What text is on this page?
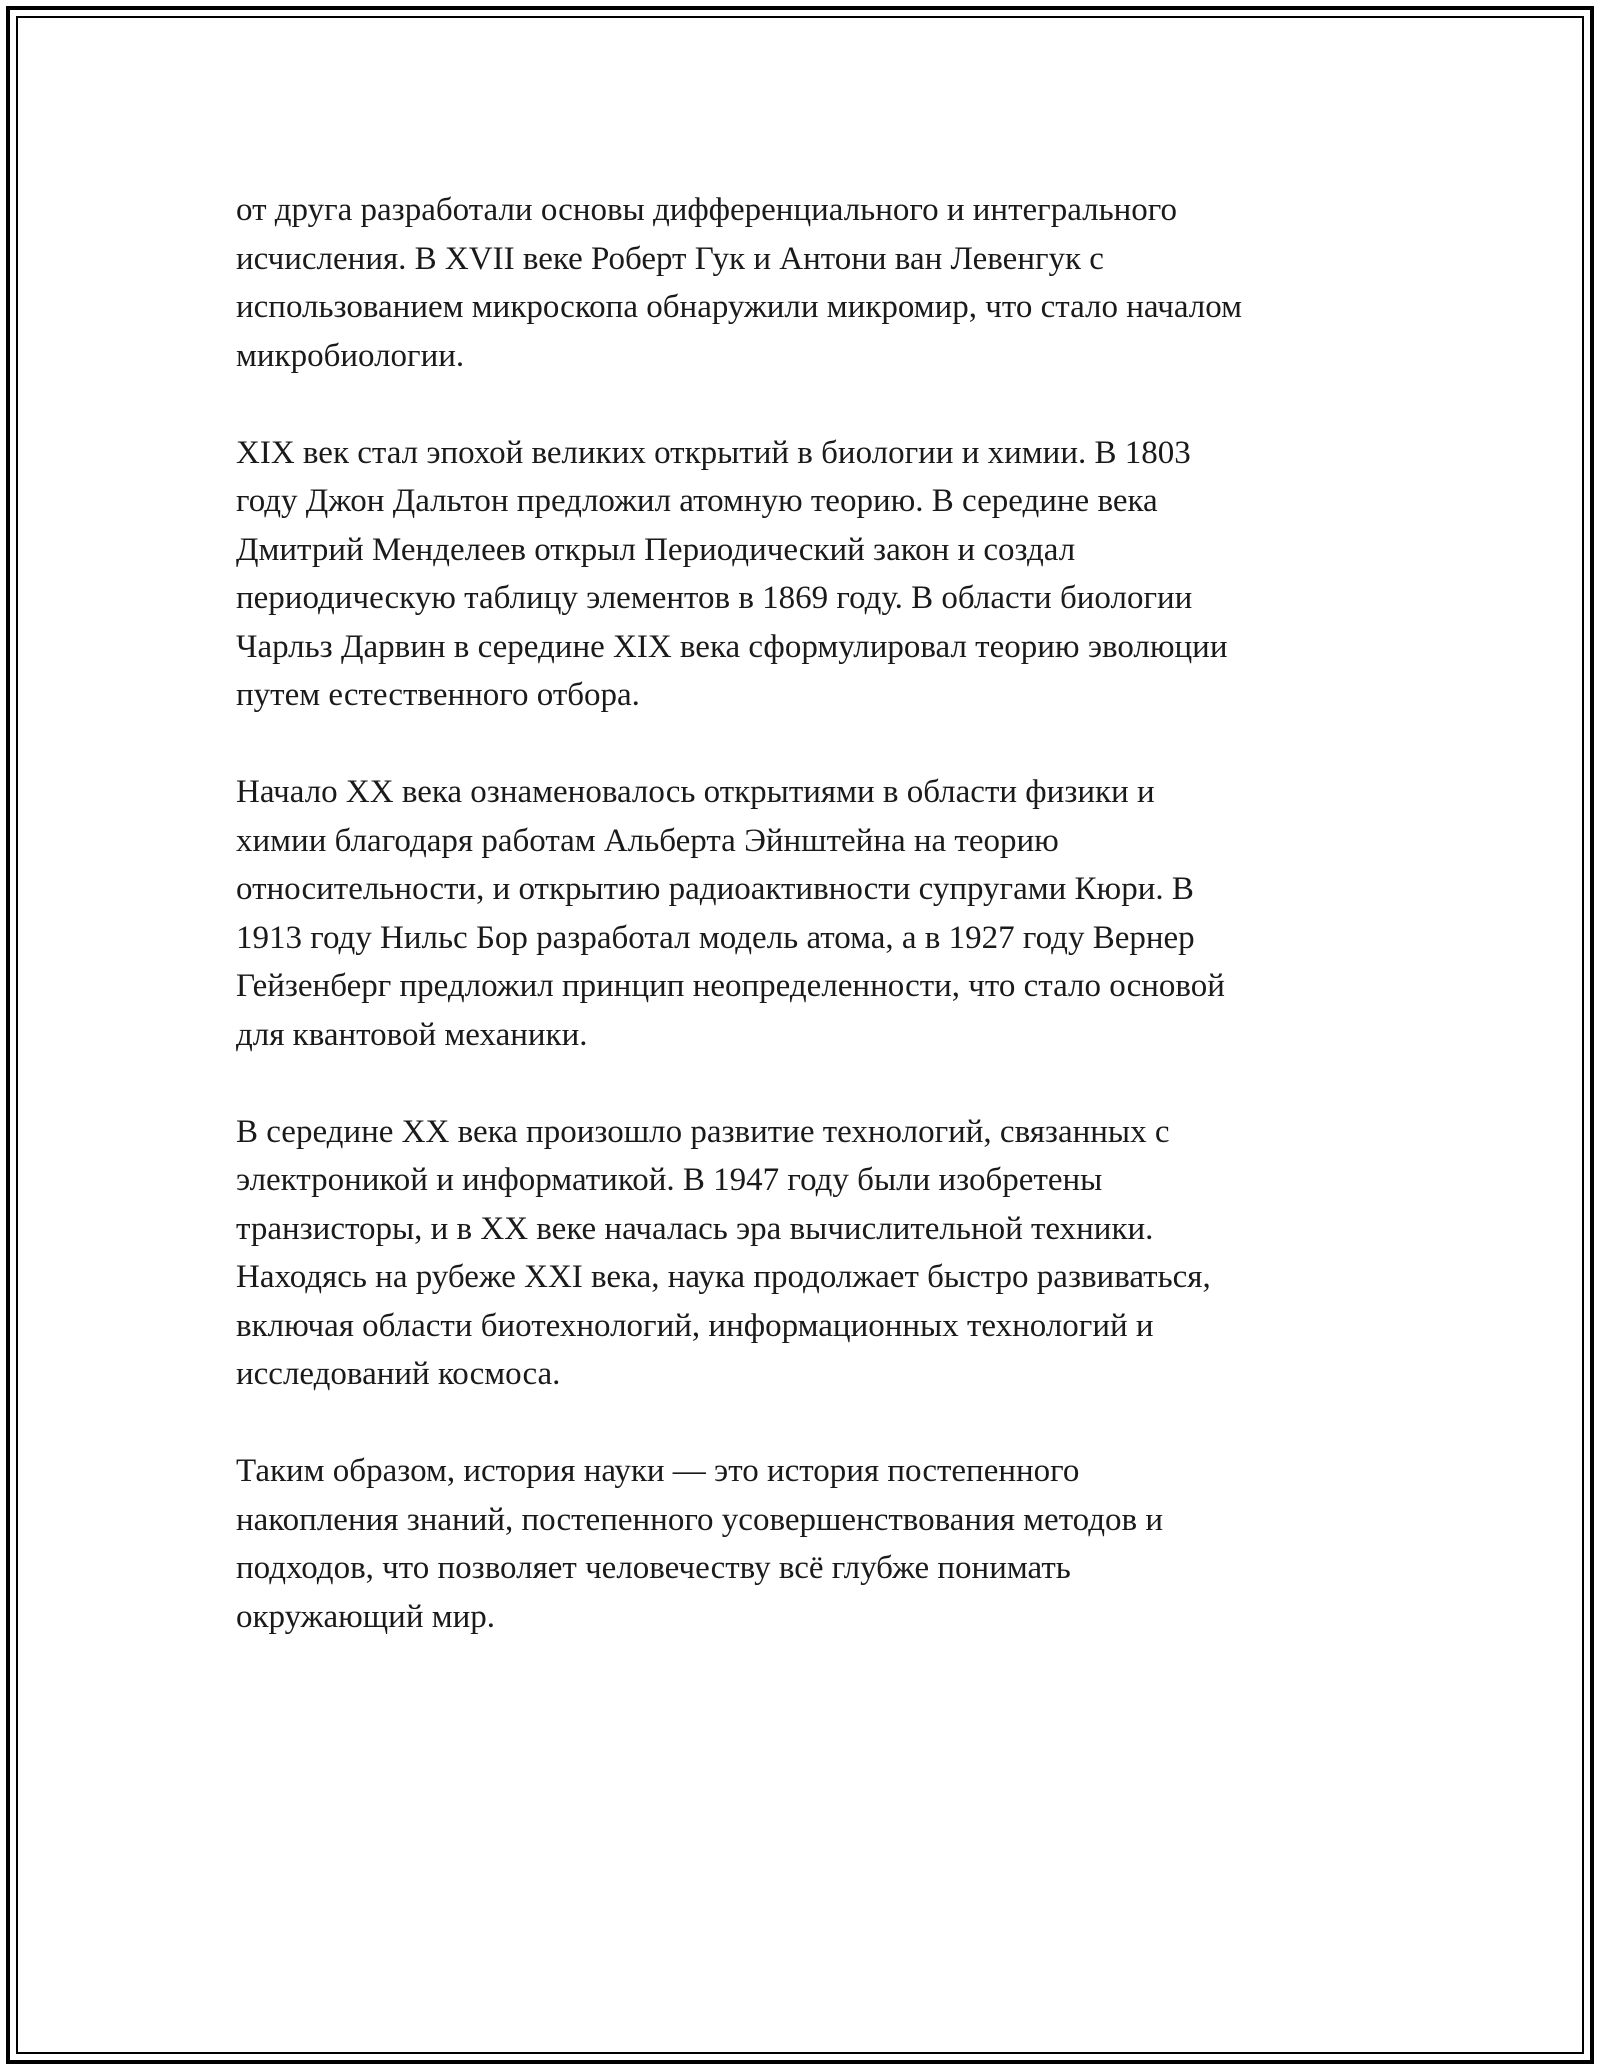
от друга разработали основы дифференциального и интегрального
исчисления. В XVII веке Роберт Гук и Антони ван Левенгук с
использованием микроскопа обнаружили микромир, что стало началом
микробиологии.

XIX век стал эпохой великих открытий в биологии и химии. В 1803
году Джон Дальтон предложил атомную теорию. В середине века
Дмитрий Менделеев открыл Периодический закон и создал
периодическую таблицу элементов в 1869 году. В области биологии
Чарльз Дарвин в середине XIX века сформулировал теорию эволюции
путем естественного отбора.

Начало XX века ознаменовалось открытиями в области физики и
химии благодаря работам Альберта Эйнштейна на теорию
относительности, и открытию радиоактивности супругами Кюри. В
1913 году Нильс Бор разработал модель атома, а в 1927 году Вернер
Гейзенберг предложил принцип неопределенности, что стало основой
для квантовой механики.

В середине XX века произошло развитие технологий, связанных с
электроникой и информатикой. В 1947 году были изобретены
транзисторы, и в XX веке началась эра вычислительной техники.
Находясь на рубеже XXI века, наука продолжает быстро развиваться,
включая области биотехнологий, информационных технологий и
исследований космоса.

Таким образом, история науки — это история постепенного
накопления знаний, постепенного усовершенствования методов и
подходов, что позволяет человечеству всё глубже понимать
окружающий мир.
